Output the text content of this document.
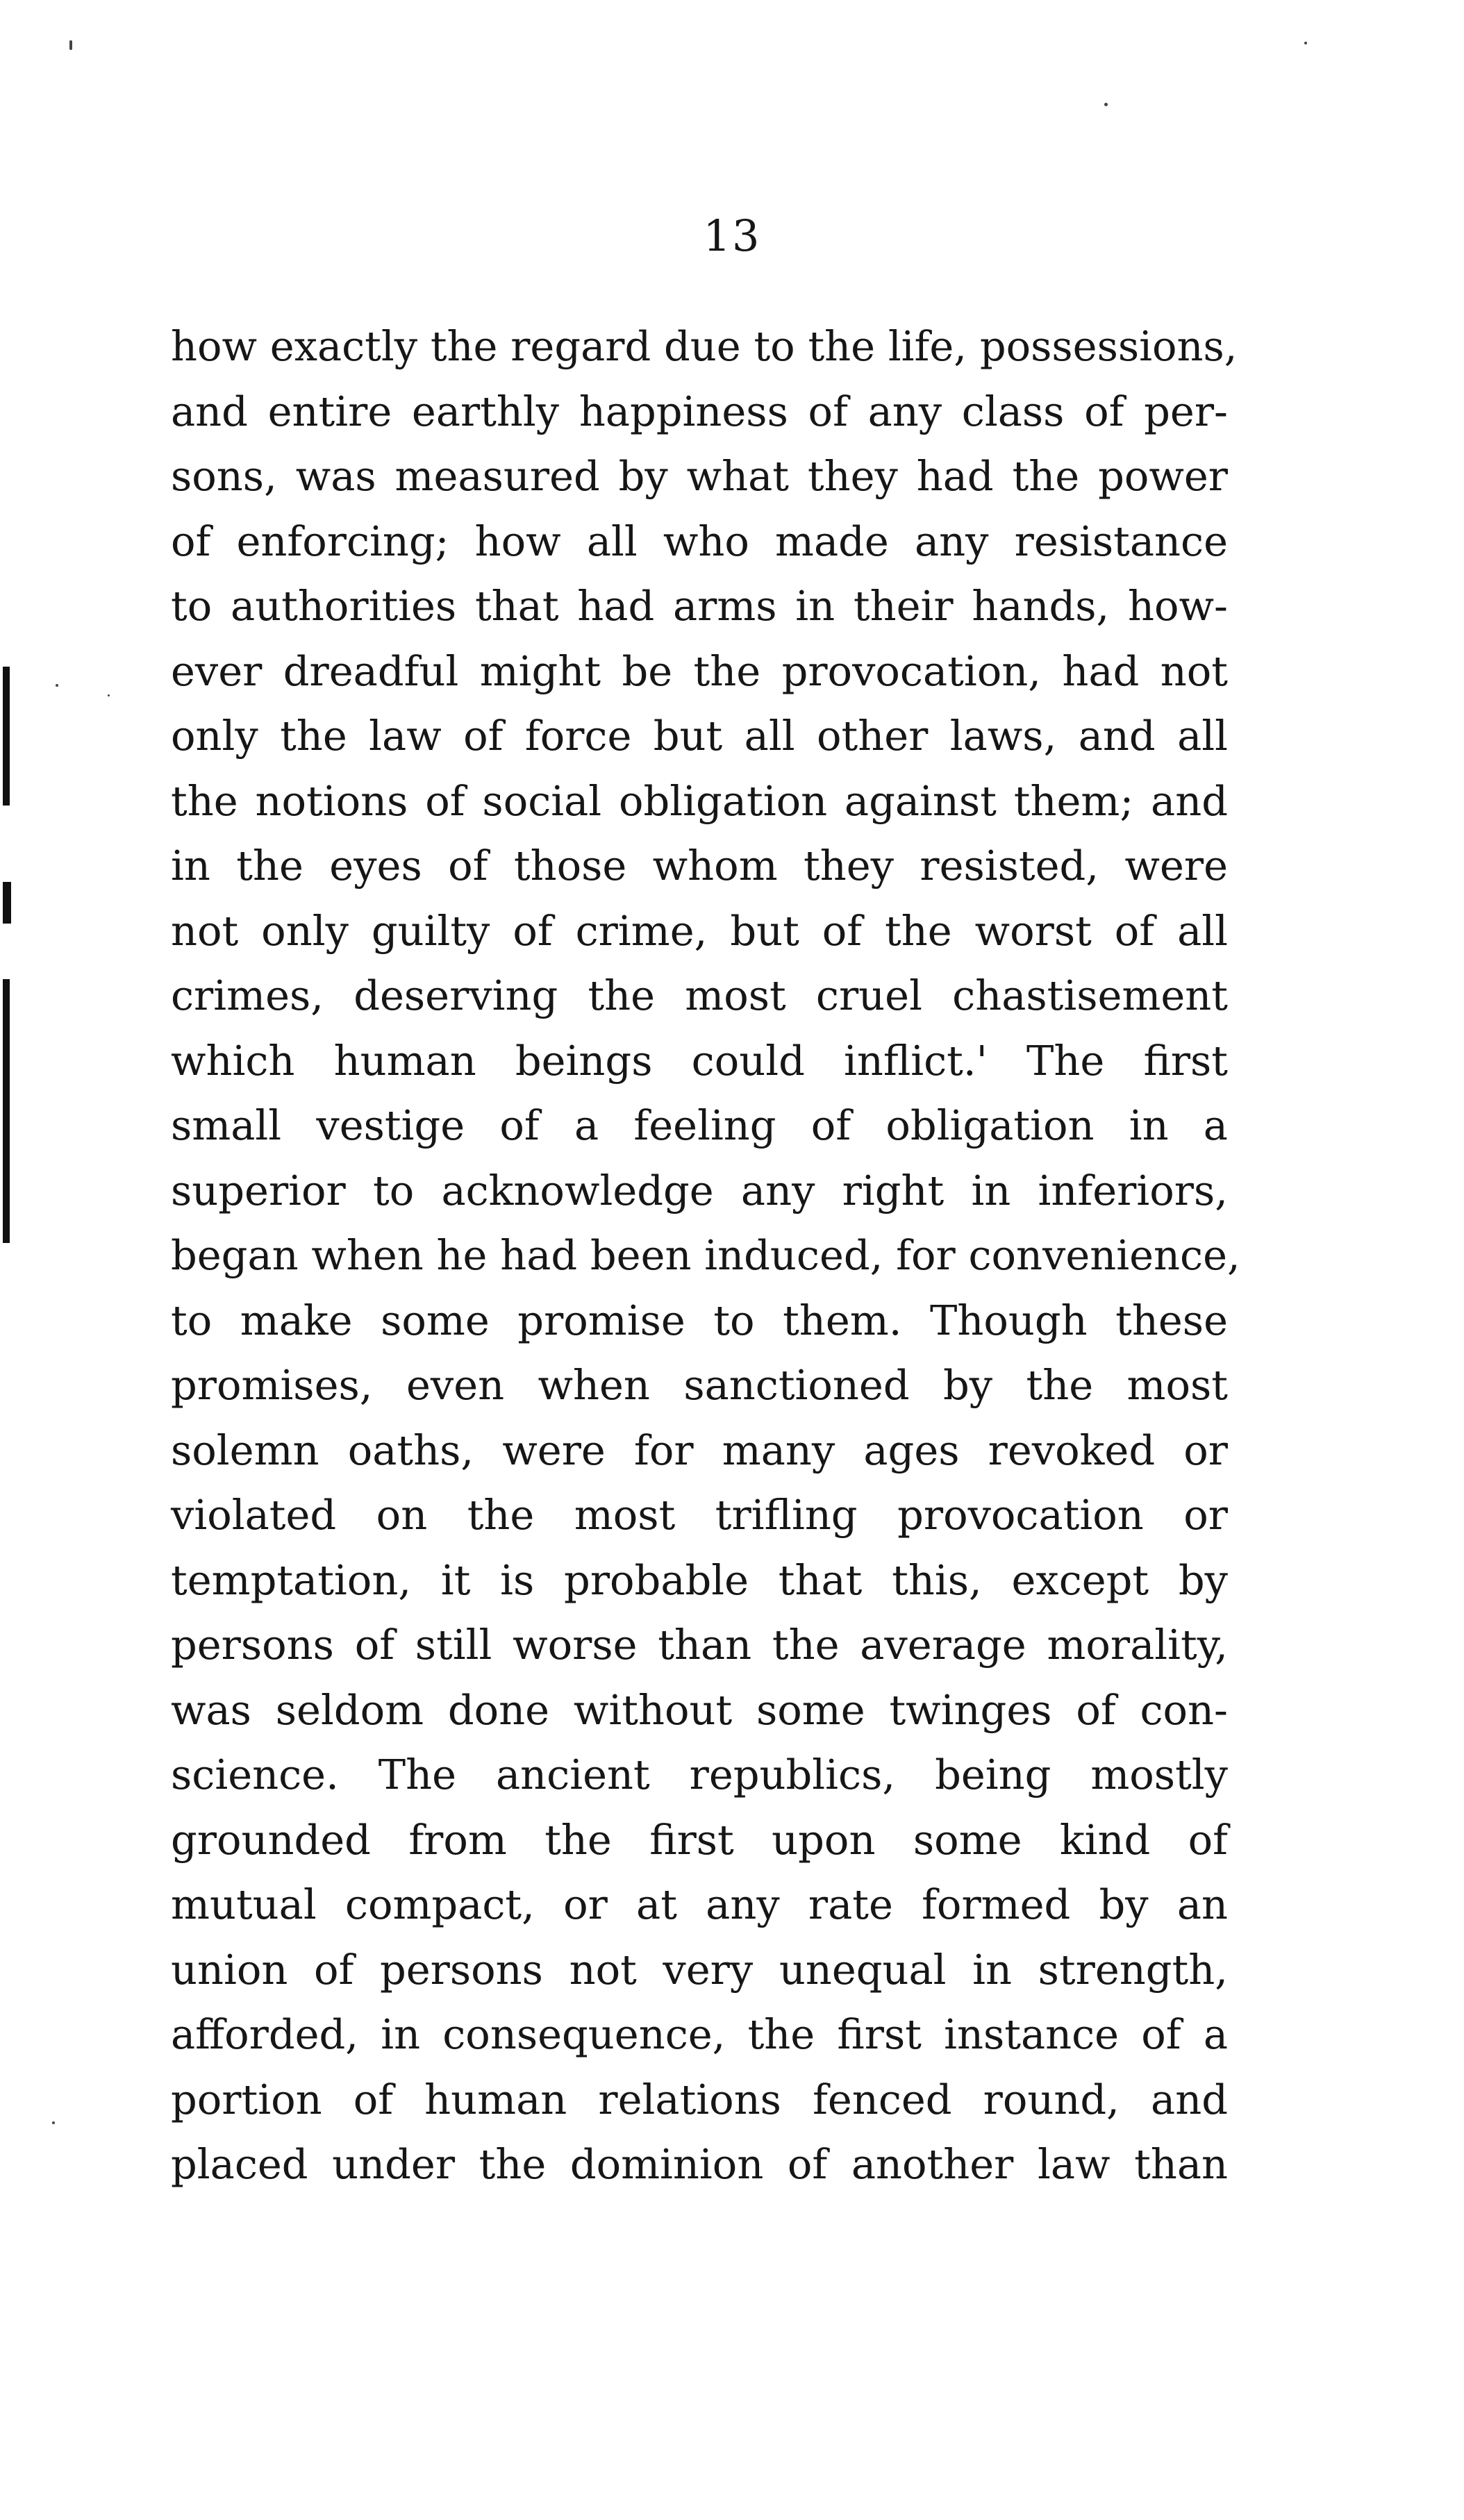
13
how exactly the regard due to the life, possessions,
and entire earthly happiness of any class of per-
sons, was measured by what they had the power
of enforcing; how all who made any resistance
to authorities that had arms in their hands, how-
ever dreadful might be the provocation, had not
only the law of force but all other laws, and all
the notions of social obligation against them; and
in the eyes of those whom they resisted, were
not only guilty of crime, but of the worst of all
crimes, deserving the most cruel chastisement
which human beings could inflict.' The first
small vestige of a feeling of obligation in a
superior to acknowledge any right in inferiors,
began when he had been induced, for convenience,
to make some promise to them. Though these
promises, even when sanctioned by the most
solemn oaths, were for many ages revoked or
violated on the most trifling provocation or
temptation, it is probable that this, except by
persons of still worse than the average morality,
was seldom done without some twinges of con-
science. The ancient republics, being mostly
grounded from the first upon some kind of
mutual compact, or at any rate formed by an
union of persons not very unequal in strength,
afforded, in consequence, the first instance of a
portion of human relations fenced round, and
placed under the dominion of another law than
